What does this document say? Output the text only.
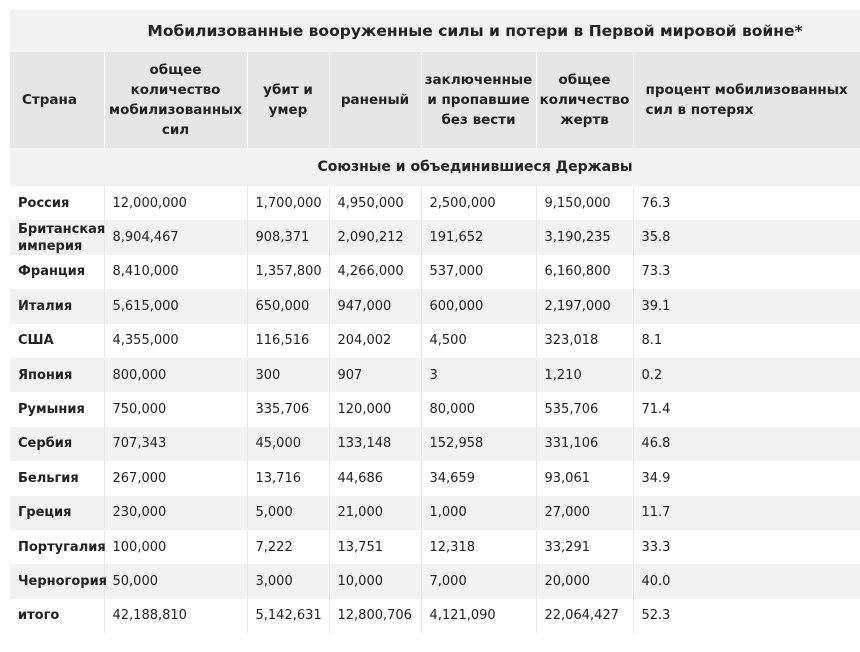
Мобилизованные вооруженные силы и потери в Первой мировой войне*						
Страна	общее количество мобилизованных сил	убит и умер	раненый	заключенные и пропавшие без вести	общее количество жертв	процент мобилизованных сил в потерях
Союзные и объединившиеся Державы						
Россия	12,000,000	1,700,000	4,950,000	2,500,000	9,150,000	76.3
Британская империя	8,904,467	908,371	2,090,212	191,652	3,190,235	35.8
Франция	8,410,000	1,357,800	4,266,000	537,000	6,160,800	73.3
Италия	5,615,000	650,000	947,000	600,000	2,197,000	39.1
США	4,355,000	116,516	204,002	4,500	323,018	8.1
Япония	800,000	300	907	3	1,210	0.2
Румыния	750,000	335,706	120,000	80,000	535,706	71.4
Сербия	707,343	45,000	133,148	152,958	331,106	46.8
Бельгия	267,000	13,716	44,686	34,659	93,061	34.9
Греция	230,000	5,000	21,000	1,000	27,000	11.7
Португалия	100,000	7,222	13,751	12,318	33,291	33.3
Черногория	50,000	3,000	10,000	7,000	20,000	40.0
итого	42,188,810	5,142,631	12,800,706	4,121,090	22,064,427	52.3
